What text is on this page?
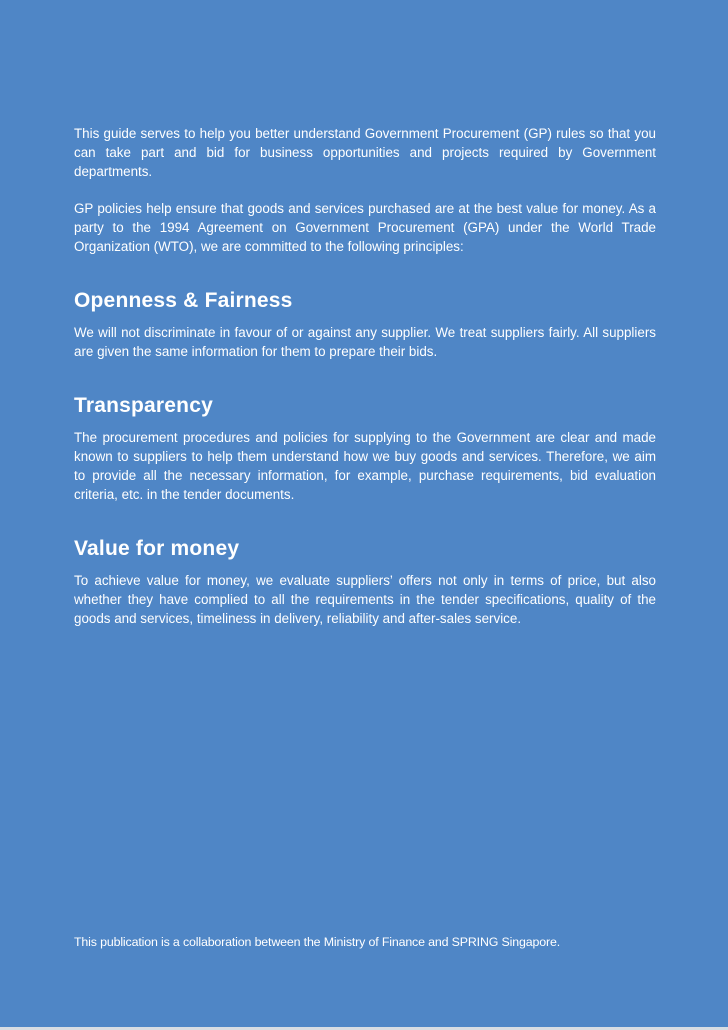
This guide serves to help you better understand Government Procurement (GP) rules so that you can take part and bid for business opportunities and projects required by Government departments.

GP policies help ensure that goods and services purchased are at the best value for money. As a party to the 1994 Agreement on Government Procurement (GPA) under the World Trade Organization (WTO), we are committed to the following principles:

Openness & Fairness

We will not discriminate in favour of or against any supplier. We treat suppliers fairly. All suppliers are given the same information for them to prepare their bids.

Transparency

The procurement procedures and policies for supplying to the Government are clear and made known to suppliers to help them understand how we buy goods and services. Therefore, we aim to provide all the necessary information, for example, purchase requirements, bid evaluation criteria, etc. in the tender documents.

Value for money

To achieve value for money, we evaluate suppliers’ offers not only in terms of price, but also whether they have complied to all the requirements in the tender specifications, quality of the goods and services, timeliness in delivery, reliability and after-sales service.

This publication is a collaboration between the Ministry of Finance and SPRING Singapore.
